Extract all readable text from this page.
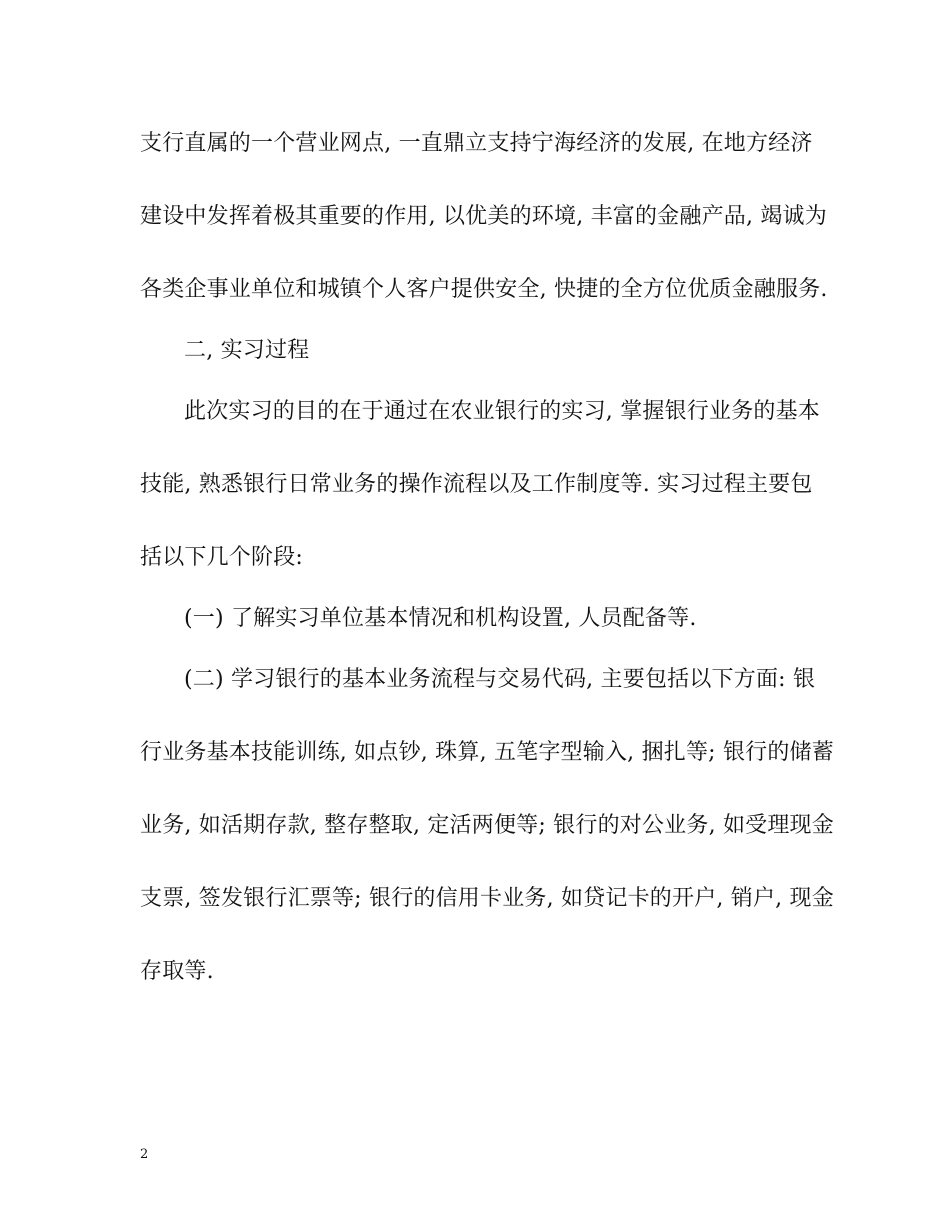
支行直属的一个营业网点, 一直鼎立支持宁海经济的发展, 在地方经济
建设中发挥着极其重要的作用, 以优美的环境, 丰富的金融产品, 竭诚为
各类企事业单位和城镇个人客户提供安全, 快捷的全方位优质金融服务.
二, 实习过程
此次实习的目的在于通过在农业银行的实习, 掌握银行业务的基本
技能, 熟悉银行日常业务的操作流程以及工作制度等. 实习过程主要包
括以下几个阶段:
(一) 了解实习单位基本情况和机构设置, 人员配备等.
(二) 学习银行的基本业务流程与交易代码, 主要包括以下方面: 银
行业务基本技能训练, 如点钞, 珠算, 五笔字型输入, 捆扎等; 银行的储蓄
业务, 如活期存款, 整存整取, 定活两便等; 银行的对公业务, 如受理现金
支票, 签发银行汇票等; 银行的信用卡业务, 如贷记卡的开户, 销户, 现金
存取等.
2
